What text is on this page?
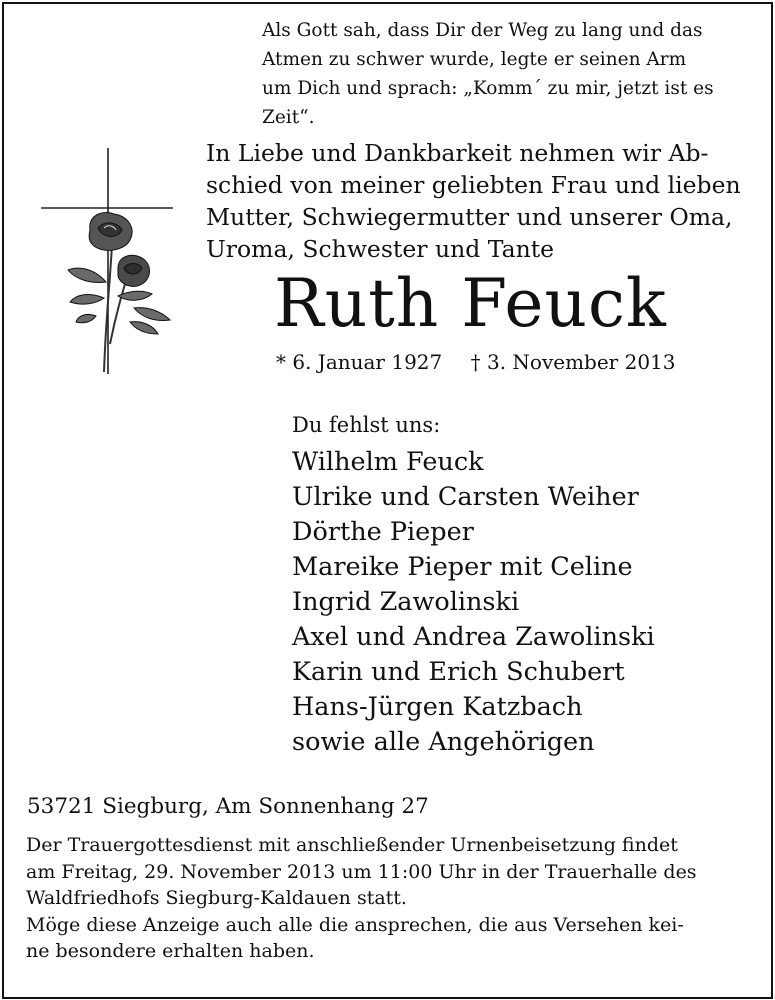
Als Gott sah, dass Dir der Weg zu lang und das
Atmen zu schwer wurde, legte er seinen Arm
um Dich und sprach: „Komm´ zu mir, jetzt ist es
Zeit“.
In Liebe und Dankbarkeit nehmen wir Ab-
schied von meiner geliebten Frau und lieben
Mutter, Schwiegermutter und unserer Oma,
Uroma, Schwester und Tante
Ruth Feuck
* 6. Januar 1927 † 3. November 2013
Du fehlst uns:
Wilhelm Feuck
Ulrike und Carsten Weiher
Dörthe Pieper
Mareike Pieper mit Celine
Ingrid Zawolinski
Axel und Andrea Zawolinski
Karin und Erich Schubert
Hans-Jürgen Katzbach
sowie alle Angehörigen
53721 Siegburg, Am Sonnenhang 27

Der Trauergottesdienst mit anschließender Urnenbeisetzung findet

am Freitag, 29. November 2013 um 11:00 Uhr in der Trauerhalle des

Waldfriedhofs Siegburg-Kaldauen statt.

Möge diese Anzeige auch alle die ansprechen, die aus Versehen kei-

ne besondere erhalten haben.
